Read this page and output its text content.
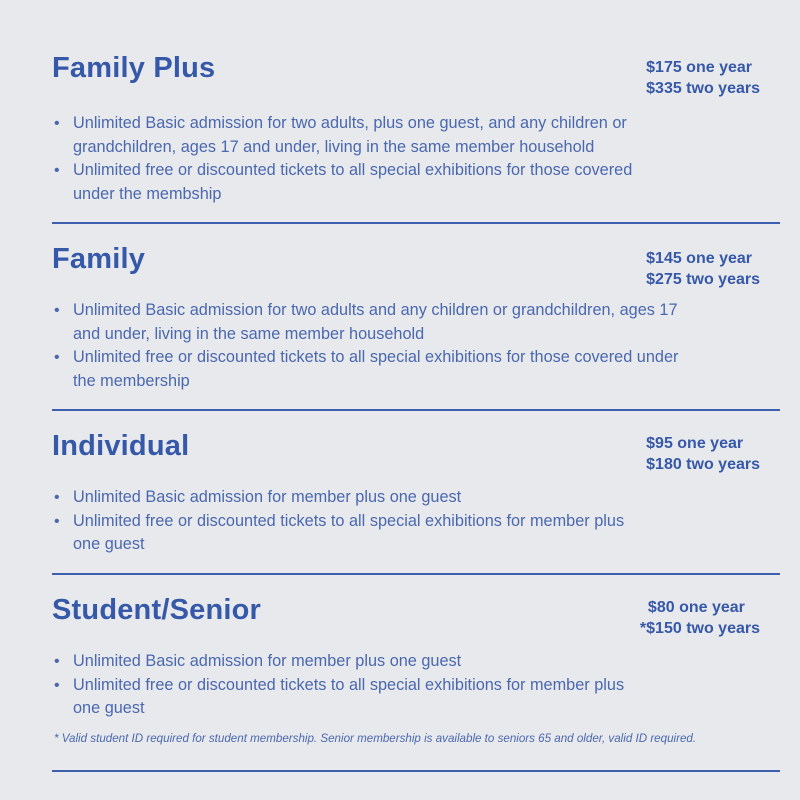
Family Plus	$175 one year
$335 two years
• Unlimited Basic admission for two adults, plus one guest, and any children or
grandchildren, ages 17 and under, living in the same member household
• Unlimited free or discounted tickets to all special exhibitions for those covered
under the membship
Family	$145 one year
$275 two years
• Unlimited Basic admission for two adults and any children or grandchildren, ages 17
and under, living in the same member household
• Unlimited free or discounted tickets to all special exhibitions for those covered under
the membership
Individual	$95 one year
$180 two years
• Unlimited Basic admission for member plus one guest
• Unlimited free or discounted tickets to all special exhibitions for member plus
one guest
Student/Senior	$80 one year
*$150 two years
• Unlimited Basic admission for member plus one guest
• Unlimited free or discounted tickets to all special exhibitions for member plus
one guest
* Valid student ID required for student membership. Senior membership is available to seniors 65 and older, valid ID required.
